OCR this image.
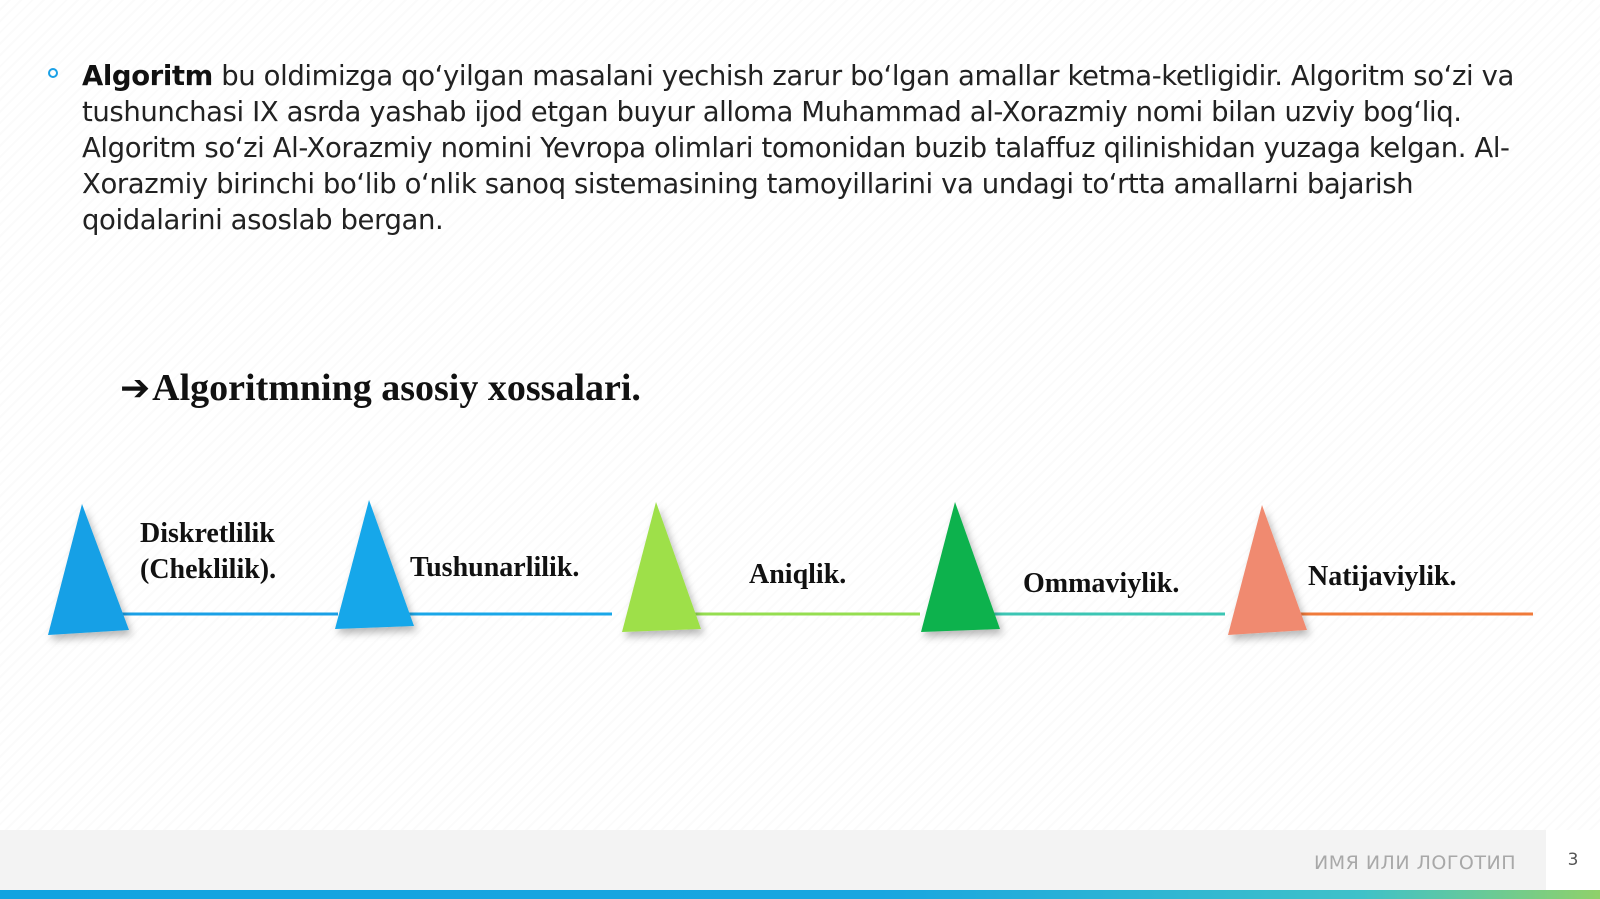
Algoritm bu oldimizga qo‘yilgan masalani yechish zarur bo‘lgan amallar ketma-ketligidir. Algoritm so‘zi va tushunchasi IX asrda yashab ijod etgan buyur alloma Muhammad al-Xorazmiy nomi bilan uzviy bog‘liq. Algoritm so‘zi Al-Xorazmiy nomini Yevropa olimlari tomonidan buzib talaffuz qilinishidan yuzaga kelgan. Al-Xorazmiy birinchi bo‘lib o‘nlik sanoq sistemasining tamoyillarini va undagi to‘rtta amallarni bajarish qoidalarini asoslab bergan.
➔Algoritmning asosiy xossalari.
Diskretlilik
(Cheklilik).	Tushunarlilik.	Aniqlik.	Ommaviylik.	Natijaviylik.
ИМЯ ИЛИ ЛОГОТИП	3
